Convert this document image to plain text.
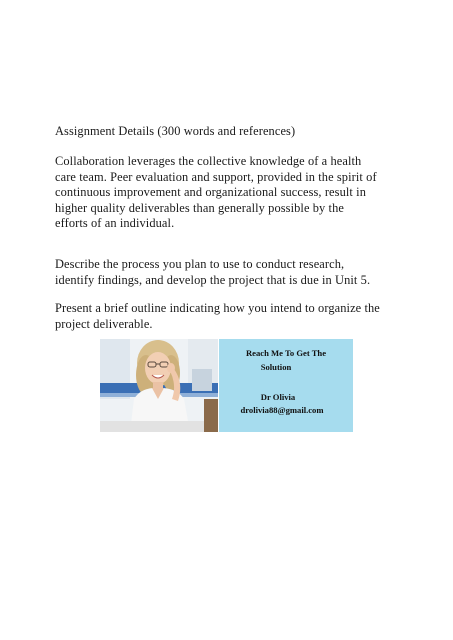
Assignment Details (300 words and references)
Collaboration leverages the collective knowledge of a health
care team. Peer evaluation and support, provided in the spirit of
continuous improvement and organizational success, result in
higher quality deliverables than generally possible by the
efforts of an individual.
Describe the process you plan to use to conduct research,
identify findings, and develop the project that is due in Unit 5.
Present a brief outline indicating how you intend to organize the
project deliverable.
Reach Me To Get The
Solution
Dr Olivia
drolivia88@gmail.com
